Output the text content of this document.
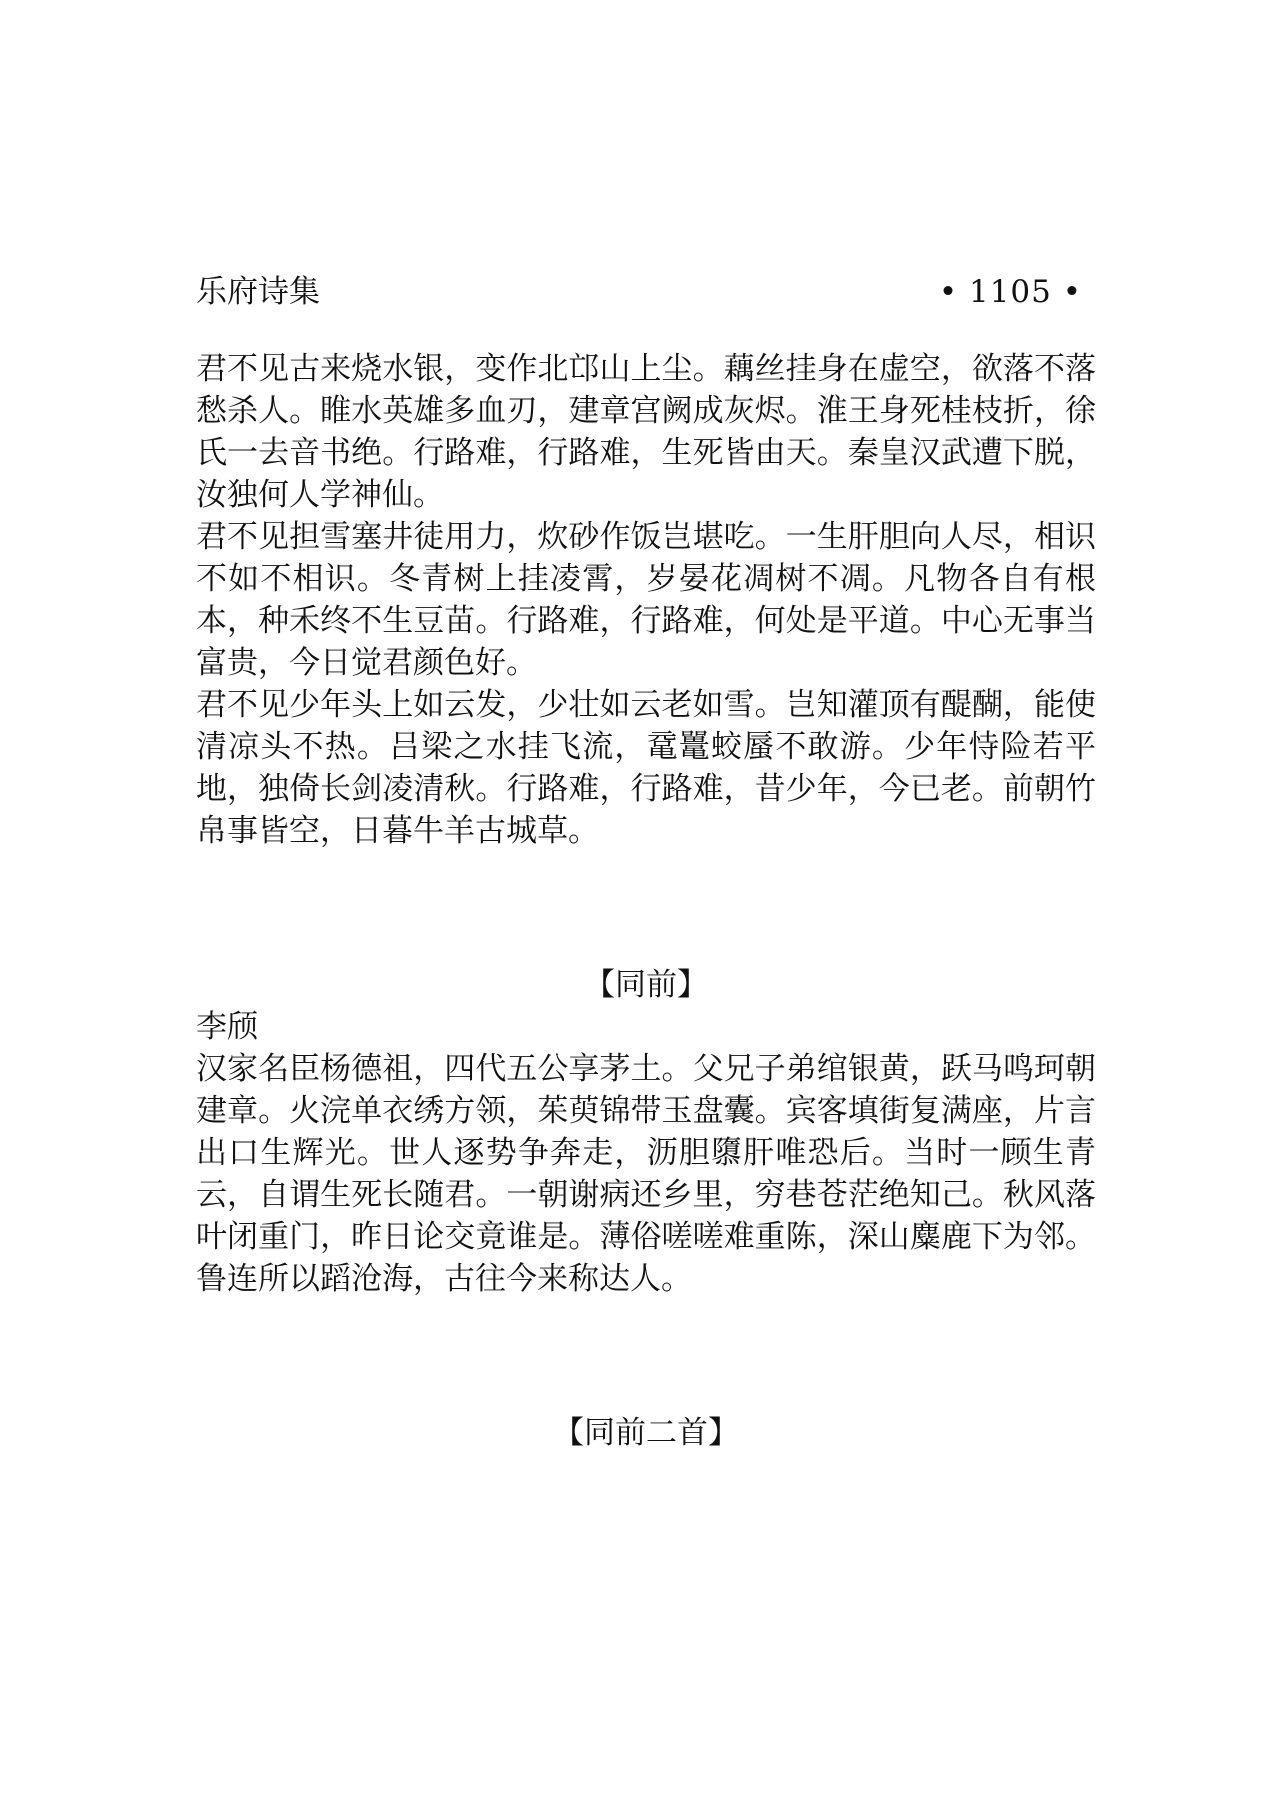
乐府诗集	• 1105 •

君不见古来烧水银，变作北邙山上尘。藕丝挂身在虚空，欲落不落愁杀人。睢水英雄多血刃，建章宫阙成灰烬。淮王身死桂枝折，徐氏一去音书绝。行路难，行路难，生死皆由天。秦皇汉武遭下脱，汝独何人学神仙。

君不见担雪塞井徒用力，炊砂作饭岂堪吃。一生肝胆向人尽，相识不如不相识。冬青树上挂凌霄，岁晏花凋树不凋。凡物各自有根本，种禾终不生豆苗。行路难，行路难，何处是平道。中心无事当富贵，今日觉君颜色好。

君不见少年头上如云发，少壮如云老如雪。岂知灌顶有醍醐，能使清凉头不热。吕梁之水挂飞流，鼋鼍蛟蜃不敢游。少年恃险若平地，独倚长剑凌清秋。行路难，行路难，昔少年，今已老。前朝竹帛事皆空，日暮牛羊古城草。

【同前】

李颀

汉家名臣杨德祖，四代五公享茅土。父兄子弟绾银黄，跃马鸣珂朝建章。火浣单衣绣方领，茱萸锦带玉盘囊。宾客填街复满座，片言出口生辉光。世人逐势争奔走，沥胆隳肝唯恐后。当时一顾生青云，自谓生死长随君。一朝谢病还乡里，穷巷苍茫绝知己。秋风落叶闭重门，昨日论交竟谁是。薄俗嗟嗟难重陈，深山麋鹿下为邻。鲁连所以蹈沧海，古往今来称达人。

【同前二首】
